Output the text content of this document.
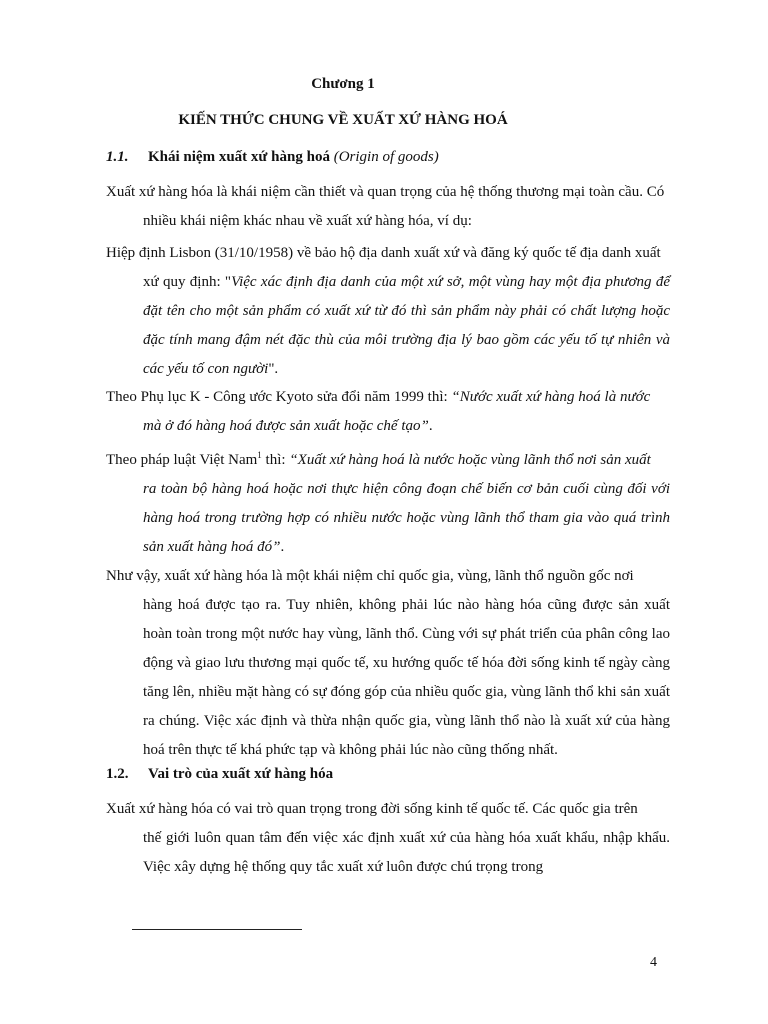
Chương 1
KIẾN THỨC CHUNG VỀ XUẤT XỨ HÀNG HOÁ
1.1. Khái niệm xuất xứ hàng hoá (Origin of goods)

Xuất xứ hàng hóa là khái niệm cần thiết và quan trọng của hệ thống thương mại toàn cầu. Có
nhiều khái niệm khác nhau về xuất xứ hàng hóa, ví dụ:

Hiệp định Lisbon (31/10/1958) về bảo hộ địa danh xuất xứ và đăng ký quốc tế địa danh xuất
xứ quy định: "Việc xác định địa danh của một xứ sở, một vùng hay một địa phương để đặt tên cho một sản phẩm có xuất xứ từ đó thì sản phẩm này phải có chất lượng hoặc đặc tính mang đậm nét đặc thù của môi trường địa lý bao gồm các yếu tố tự nhiên và các yếu tố con người".

Theo Phụ lục K - Công ước Kyoto sửa đổi năm 1999 thì: “Nước xuất xứ hàng hoá là nước
mà ở đó hàng hoá được sản xuất hoặc chế tạo”.

Theo pháp luật Việt Nam$^1$ thì: “Xuất xứ hàng hoá là nước hoặc vùng lãnh thổ nơi sản xuất
ra toàn bộ hàng hoá hoặc nơi thực hiện công đoạn chế biến cơ bản cuối cùng đối với hàng hoá trong trường hợp có nhiều nước hoặc vùng lãnh thổ tham gia vào quá trình sản xuất hàng hoá đó”.

Như vậy, xuất xứ hàng hóa là một khái niệm chỉ quốc gia, vùng, lãnh thổ nguồn gốc nơi
hàng hoá được tạo ra. Tuy nhiên, không phải lúc nào hàng hóa cũng được sản xuất hoàn toàn trong một nước hay vùng, lãnh thổ. Cùng với sự phát triển của phân công lao động và giao lưu thương mại quốc tế, xu hướng quốc tế hóa đời sống kinh tế ngày càng tăng lên, nhiều mặt hàng có sự đóng góp của nhiều quốc gia, vùng lãnh thổ khi sản xuất ra chúng. Việc xác định và thừa nhận quốc gia, vùng lãnh thổ nào là xuất xứ của hàng hoá trên thực tế khá phức tạp và không phải lúc nào cũng thống nhất.

1.2. Vai trò của xuất xứ hàng hóa

Xuất xứ hàng hóa có vai trò quan trọng trong đời sống kinh tế quốc tế. Các quốc gia trên
thế giới luôn quan tâm đến việc xác định xuất xứ của hàng hóa xuất khẩu, nhập khẩu. Việc xây dựng hệ thống quy tắc xuất xứ luôn được chú trọng trong

4
